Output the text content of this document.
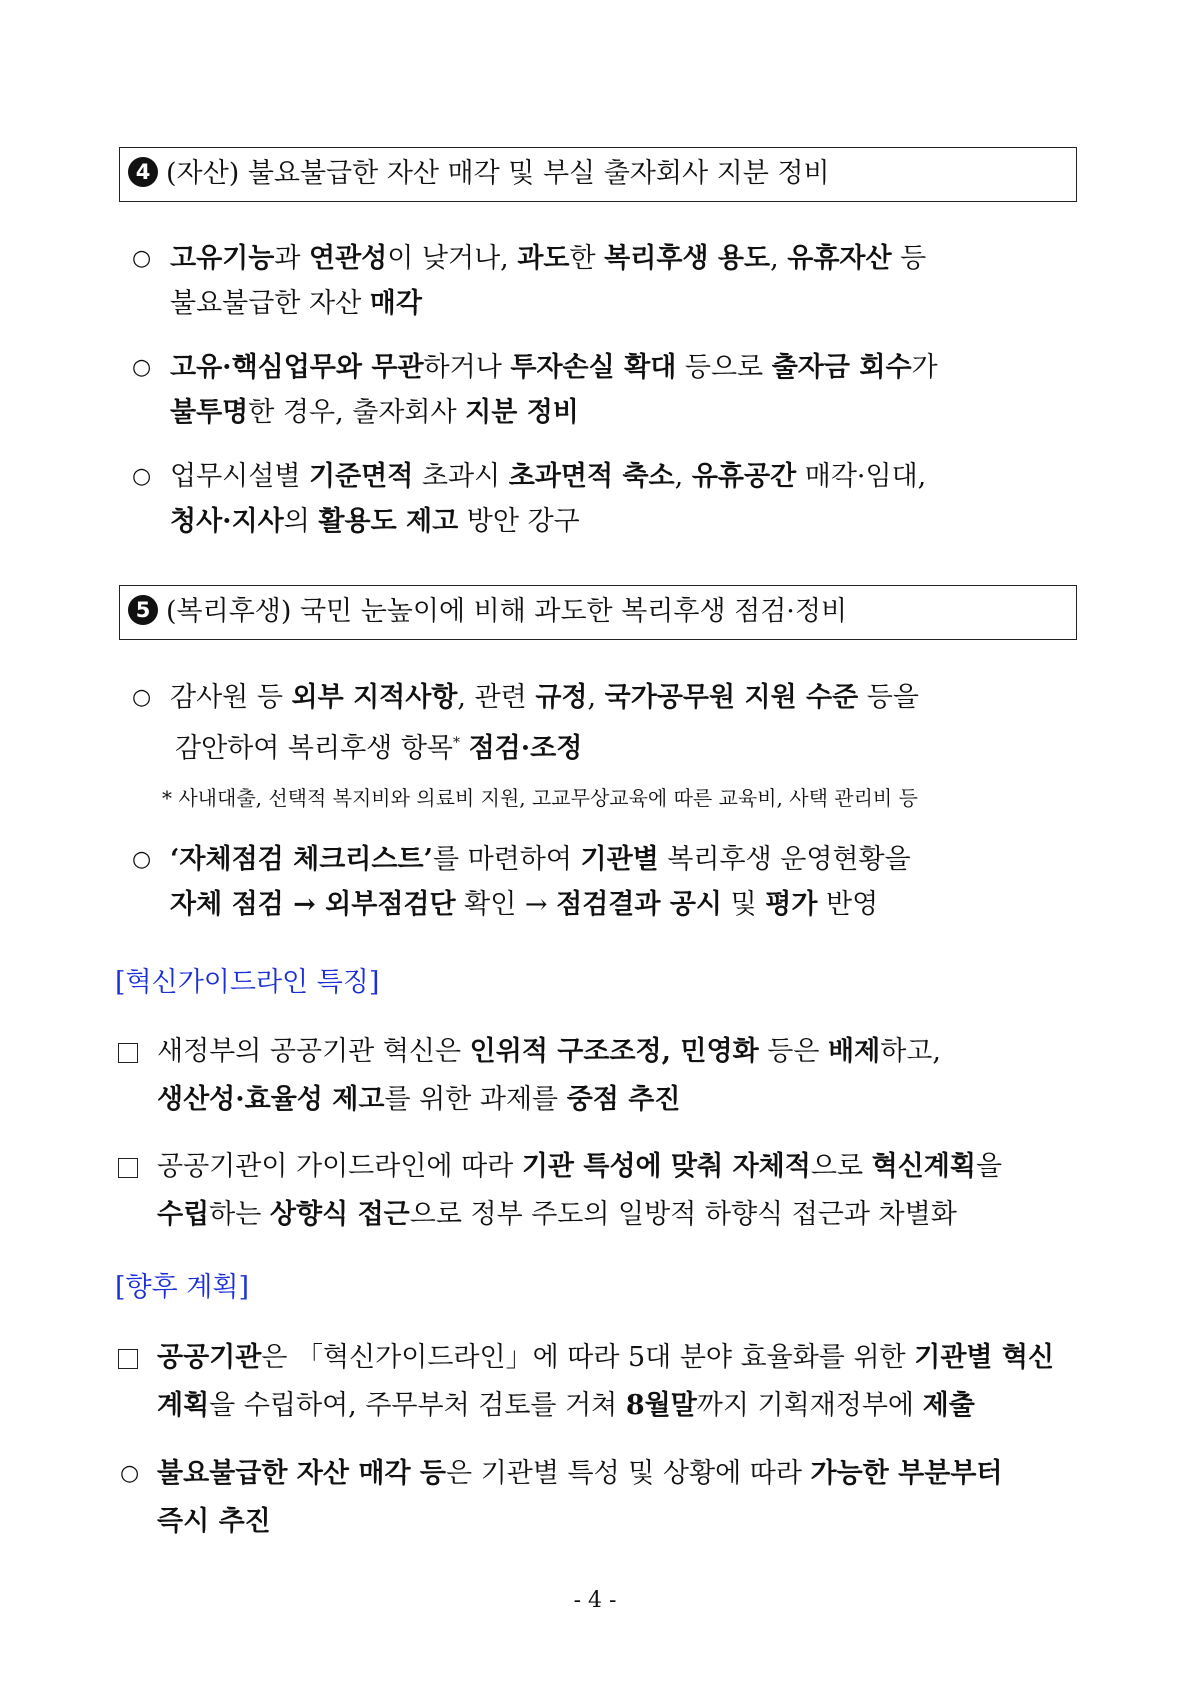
4 (자산) 불요불급한 자산 매각 및 부실 출자회사 지분 정비
○ 고유기능과 연관성이 낮거나, 과도한 복리후생 용도, 유휴자산 등
불요불급한 자산 매각
○ 고유·핵심업무와 무관하거나 투자손실 확대 등으로 출자금 회수가
불투명한 경우, 출자회사 지분 정비
○ 업무시설별 기준면적 초과시 초과면적 축소, 유휴공간 매각·임대,
청사·지사의 활용도 제고 방안 강구
5 (복리후생) 국민 눈높이에 비해 과도한 복리후생 점검·정비
○ 감사원 등 외부 지적사항, 관련 규정, 국가공무원 지원 수준 등을
감안하여 복리후생 항목* 점검·조정
○ ‘자체점검 체크리스트’를 마련하여 기관별 복리후생 운영현황을
자체 점검 → 외부점검단 확인 → 점검결과 공시 및 평가 반영
* 사내대출, 선택적 복지비와 의료비 지원, 고교무상교육에 따른 교육비, 사택 관리비 등
[혁신가이드라인 특징]
새정부의 공공기관 혁신은 인위적 구조조정, 민영화 등은 배제하고,
생산성·효율성 제고를 위한 과제를 중점 추진
공공기관이 가이드라인에 따라 기관 특성에 맞춰 자체적으로 혁신계획을
수립하는 상향식 접근으로 정부 주도의 일방적 하향식 접근과 차별화
[향후 계획]
공공기관은 「혁신가이드라인」에 따라 5대 분야 효율화를 위한 기관별 혁신
계획을 수립하여, 주무부처 검토를 거쳐 8월말까지 기획재정부에 제출
○ 불요불급한 자산 매각 등은 기관별 특성 및 상황에 따라 가능한 부분부터
즉시 추진
- 4 -
